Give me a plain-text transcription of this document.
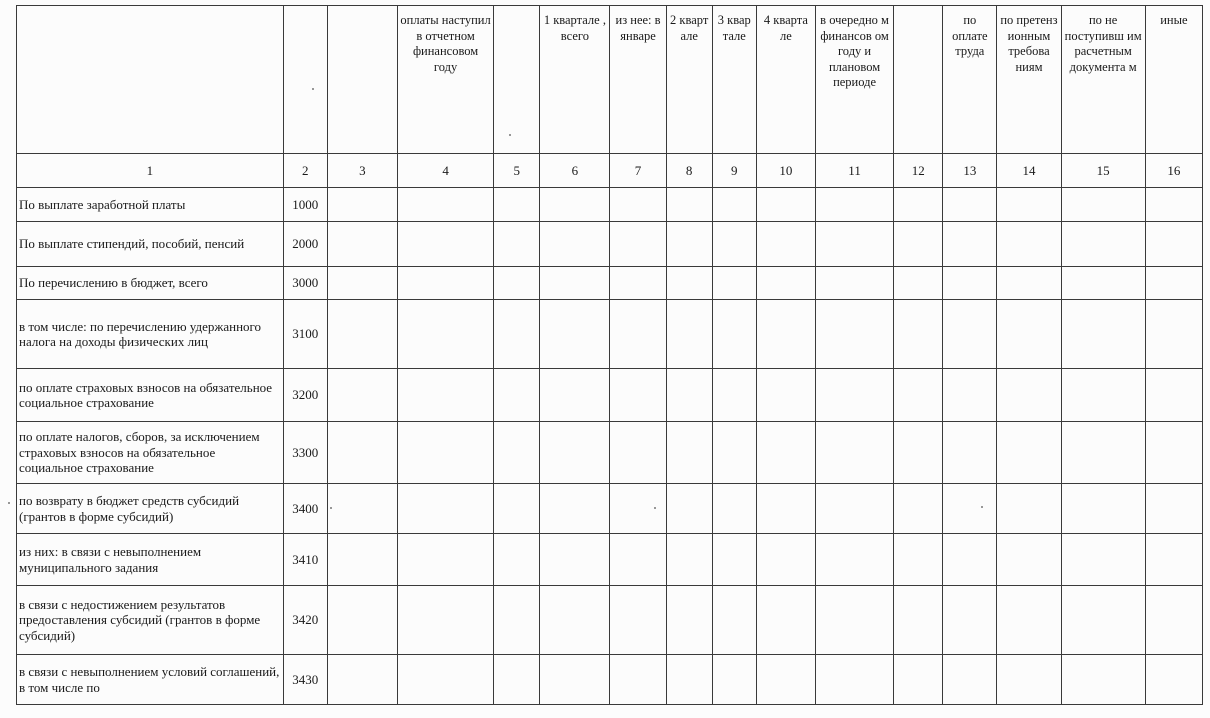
			оплаты наступил в отчетном финансовом году		1 квартале , всего	из нее: в январе	2 кварт але	3 квар тале	4 кварта ле	в очередно м финансов ом году и плановом периоде		по оплате труда	по претенз ионным требова ниям	по не поступивш им расчетным документа м	иные
1	2	3	4	5	6	7	8	9	10	11	12	13	14	15	16
По выплате заработной платы	1000														
По выплате стипендий, пособий, пенсий	2000														
По перечислению в бюджет, всего	3000														
в том числе: по перечислению удержанного налога на доходы физических лиц	3100														
по оплате страховых взносов на обязательное социальное страхование	3200														
по оплате налогов, сборов, за исключением страховых взносов на обязательное социальное страхование	3300														
по возврату в бюджет средств субсидий (грантов в форме субсидий)	3400														
из них: в связи с невыполнением муниципального задания	3410														
в связи с недостижением результатов предоставления субсидий (грантов в форме субсидий)	3420														
в связи с невыполнением условий соглашений, в том числе по	3430														
